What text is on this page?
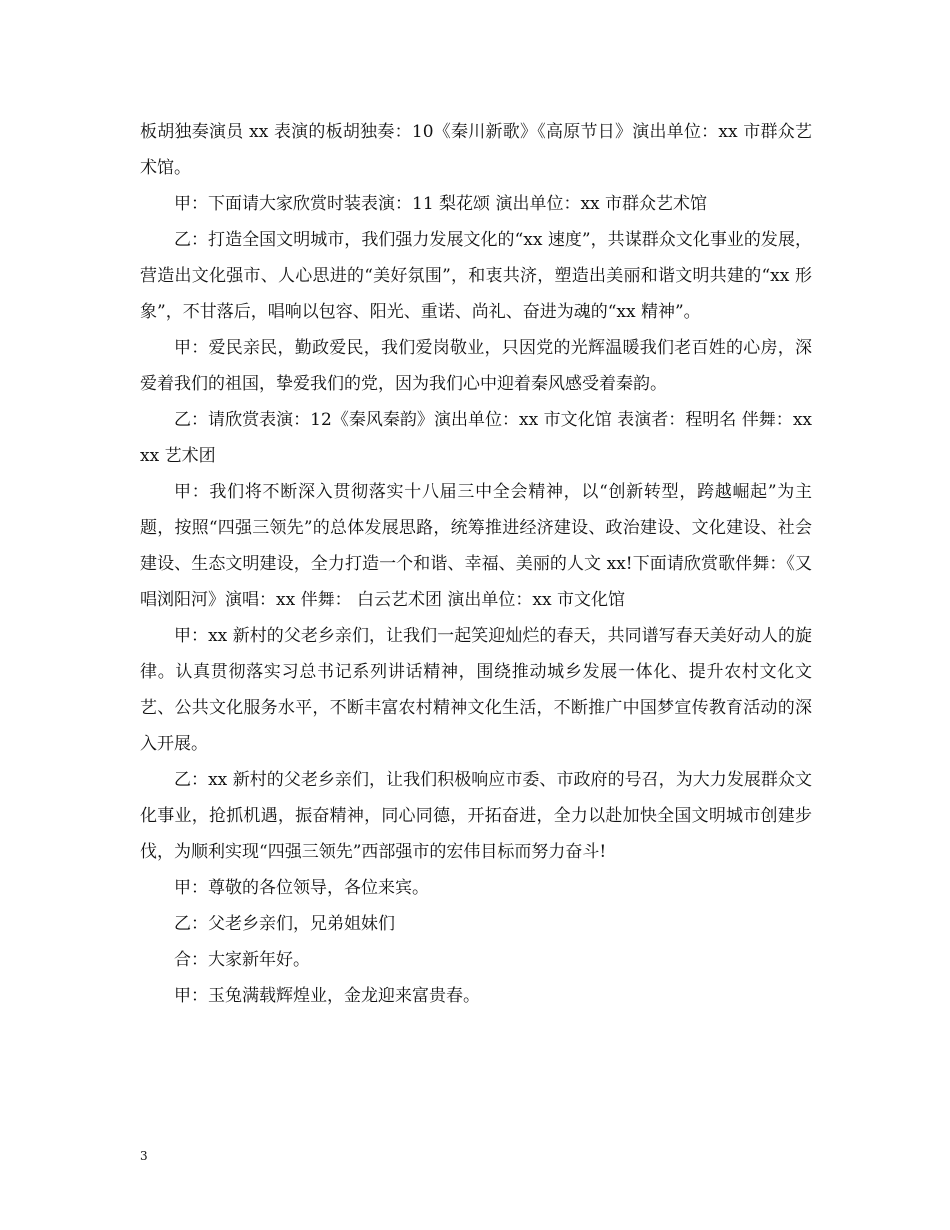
板胡独奏演员 xx 表演的板胡独奏：10《秦川新歌》《高原节日》演出单位：xx 市群众艺术馆。

甲：下面请大家欣赏时装表演：11 梨花颂 演出单位：xx 市群众艺术馆

乙：打造全国文明城市，我们强力发展文化的“xx 速度”，共谋群众文化事业的发展，营造出文化强市、人心思进的“美好氛围”，和衷共济，塑造出美丽和谐文明共建的“xx 形象”，不甘落后，唱响以包容、阳光、重诺、尚礼、奋进为魂的“xx 精神”。

甲：爱民亲民，勤政爱民，我们爱岗敬业，只因党的光辉温暖我们老百姓的心房，深爱着我们的祖国，挚爱我们的党，因为我们心中迎着秦风感受着秦韵。

乙：请欣赏表演：12《秦风秦韵》演出单位：xx 市文化馆 表演者：程明名 伴舞：xx xx 艺术团

甲：我们将不断深入贯彻落实十八届三中全会精神，以“创新转型，跨越崛起”为主题，按照“四强三领先”的总体发展思路，统筹推进经济建设、政治建设、文化建设、社会建设、生态文明建设，全力打造一个和谐、幸福、美丽的人文 xx!下面请欣赏歌伴舞：《又唱浏阳河》演唱：xx 伴舞： 白云艺术团 演出单位：xx 市文化馆

甲：xx 新村的父老乡亲们，让我们一起笑迎灿烂的春天，共同谱写春天美好动人的旋律。认真贯彻落实习总书记系列讲话精神，围绕推动城乡发展一体化、提升农村文化文艺、公共文化服务水平，不断丰富农村精神文化生活，不断推广中国梦宣传教育活动的深入开展。

乙：xx 新村的父老乡亲们，让我们积极响应市委、市政府的号召，为大力发展群众文化事业，抢抓机遇，振奋精神，同心同德，开拓奋进，全力以赴加快全国文明城市创建步伐，为顺利实现“四强三领先”西部强市的宏伟目标而努力奋斗!

甲：尊敬的各位领导，各位来宾。

乙：父老乡亲们，兄弟姐妹们

合：大家新年好。

甲：玉兔满载辉煌业，金龙迎来富贵春。

3
